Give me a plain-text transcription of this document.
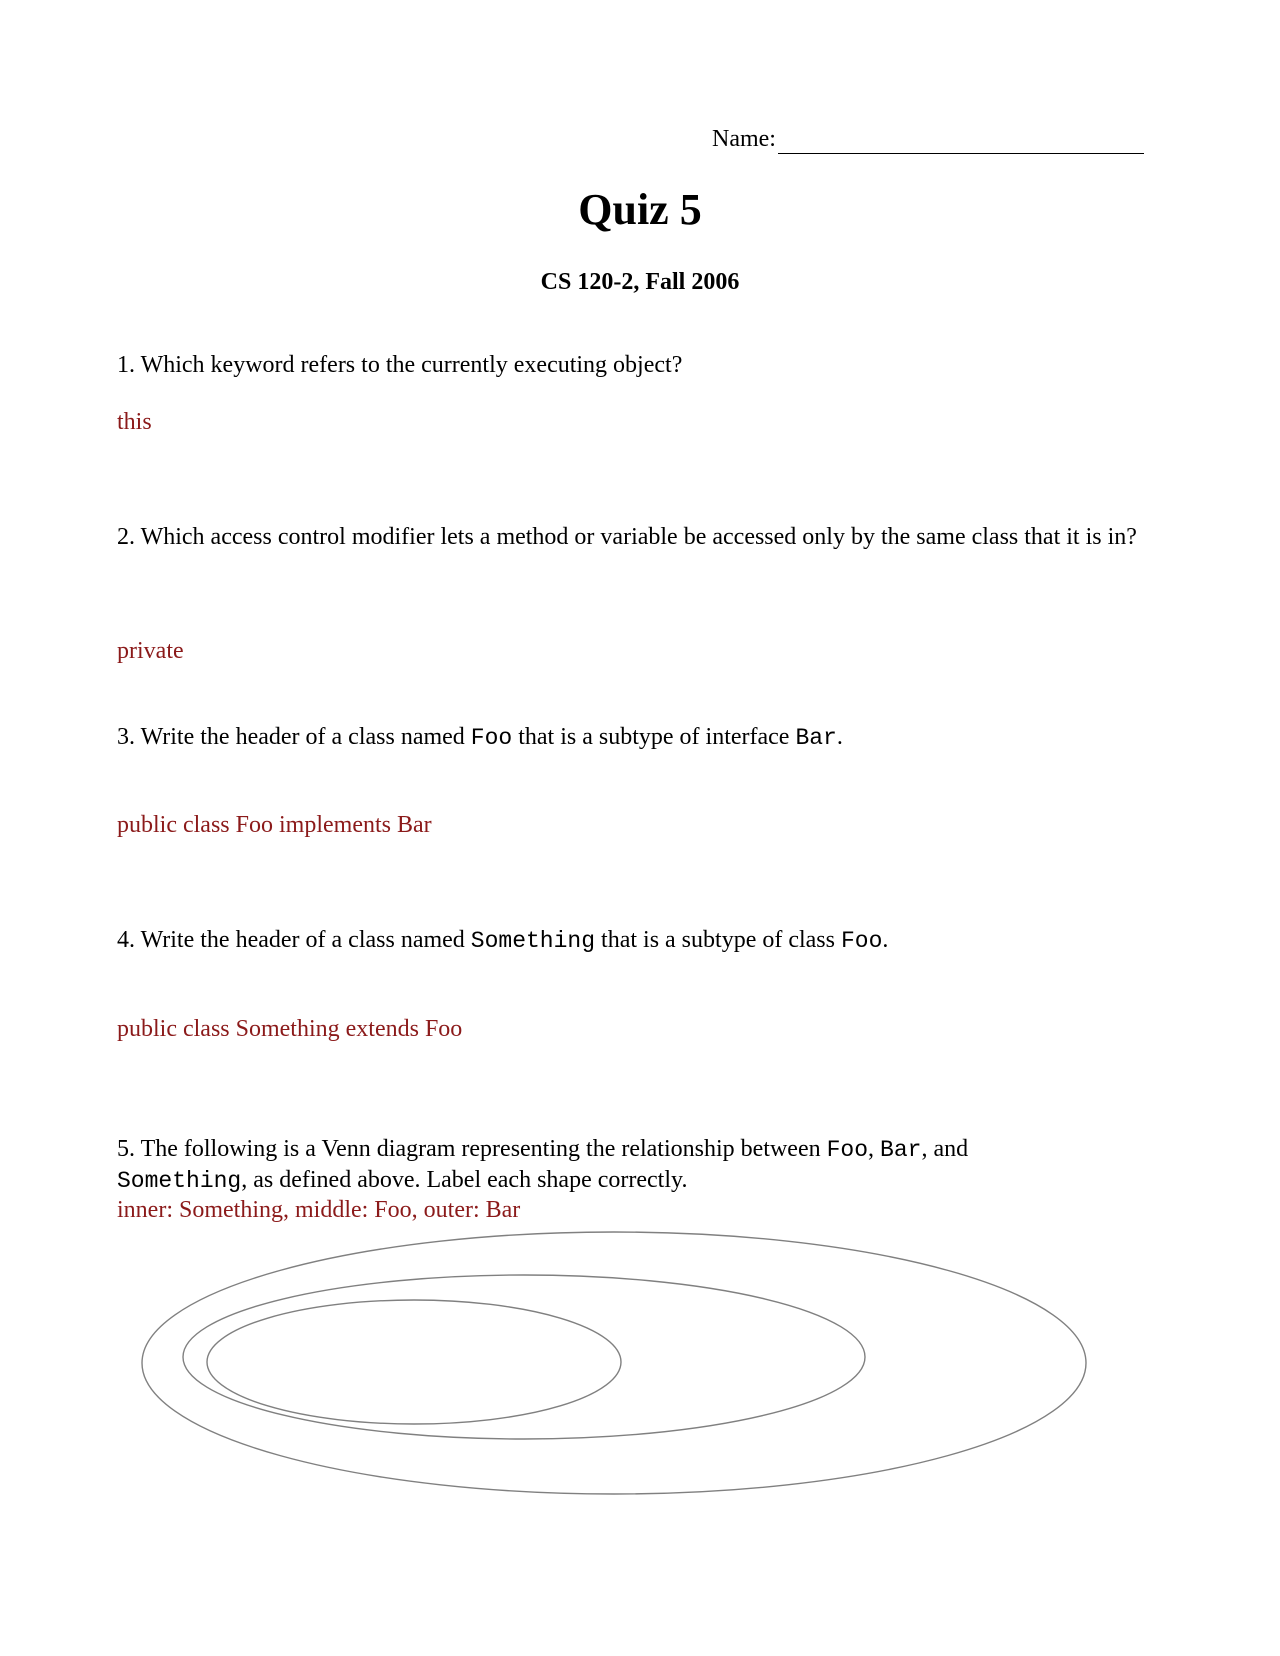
Name:
Quiz 5
CS 120-2, Fall 2006
1. Which keyword refers to the currently executing object?
this
2. Which access control modifier lets a method or variable be accessed only by the same class that it is in?
private
3. Write the header of a class named Foo that is a subtype of interface Bar.
public class Foo implements Bar
4. Write the header of a class named Something that is a subtype of class Foo.
public class Something extends Foo
5. The following is a Venn diagram representing the relationship between Foo, Bar, and
Something, as defined above. Label each shape correctly.
inner: Something, middle: Foo, outer: Bar
